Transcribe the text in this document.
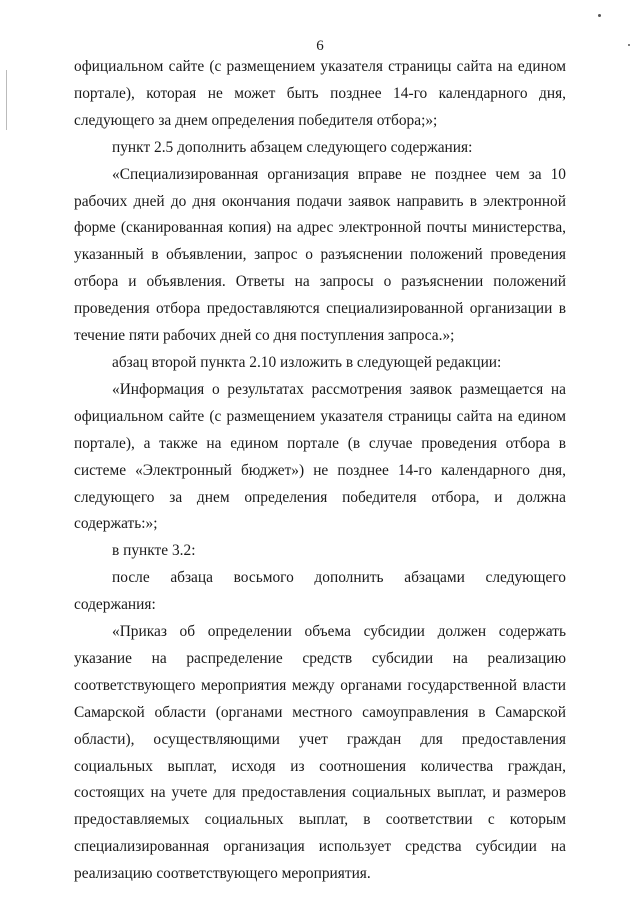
6

официальном сайте (с размещением указателя страницы сайта на едином портале), которая не может быть позднее 14-го календарного дня, следующего за днем определения победителя отбора;»;

пункт 2.5 дополнить абзацем следующего содержания:

«Специализированная организация вправе не позднее чем за 10 рабочих дней до дня окончания подачи заявок направить в электронной форме (сканированная копия) на адрес электронной почты министерства, указанный в объявлении, запрос о разъяснении положений проведения отбора и объявления. Ответы на запросы о разъяснении положений проведения отбора предоставляются специализированной организации в течение пяти рабочих дней со дня поступления запроса.»;

абзац второй пункта 2.10 изложить в следующей редакции:

«Информация о результатах рассмотрения заявок размещается на официальном сайте (с размещением указателя страницы сайта на едином портале), а также на едином портале (в случае проведения отбора в системе «Электронный бюджет») не позднее 14-го календарного дня, следующего за днем определения победителя отбора, и должна содержать:»;

в пункте 3.2:

после абзаца восьмого дополнить абзацами следующего содержания:

«Приказ об определении объема субсидии должен содержать указание на распределение средств субсидии на реализацию соответствующего мероприятия между органами государственной власти Самарской области (органами местного самоуправления в Самарской области), осуществляющими учет граждан для предоставления социальных выплат, исходя из соотношения количества граждан, состоящих на учете для предоставления социальных выплат, и размеров предоставляемых социальных выплат, в соответствии с которым специализированная организация использует средства субсидии на реализацию соответствующего мероприятия.
